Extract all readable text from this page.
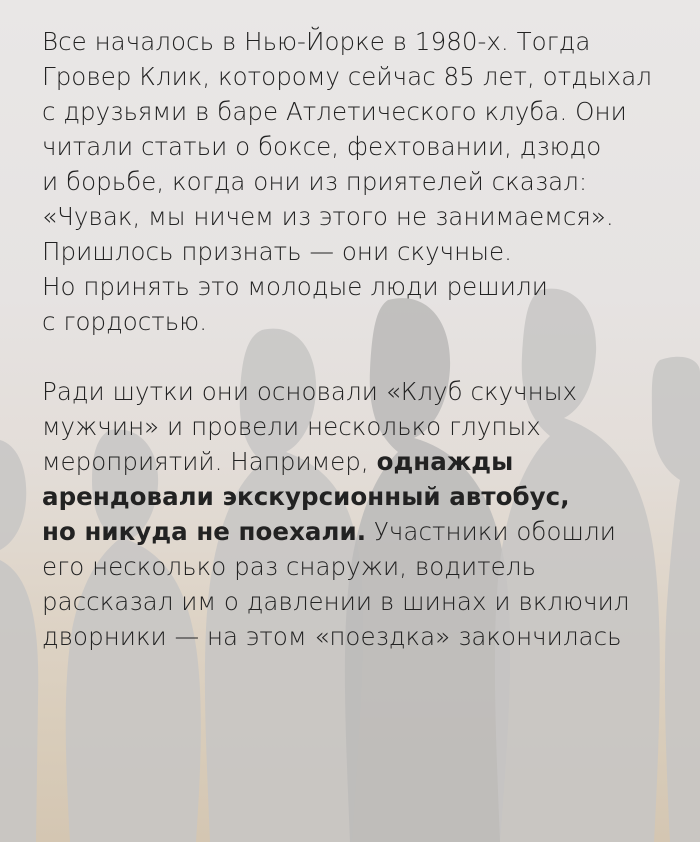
Все началось в Нью-Йорке в 1980-х. Тогда
Гровер Клик, которому сейчас 85 лет, отдыхал
с друзьями в баре Атлетического клуба. Они
читали статьи о боксе, фехтовании, дзюдо
и борьбе, когда они из приятелей сказал:
«Чувак, мы ничем из этого не занимаемся».
Пришлось признать — они скучные.
Но принять это молодые люди решили
с гордостью.

Ради шутки они основали «Клуб скучных
мужчин» и провели несколько глупых
мероприятий. Например, однажды
арендовали экскурсионный автобус,
но никуда не поехали. Участники обошли
его несколько раз снаружи, водитель
рассказал им о давлении в шинах и включил
дворники — на этом «поездка» закончилась
